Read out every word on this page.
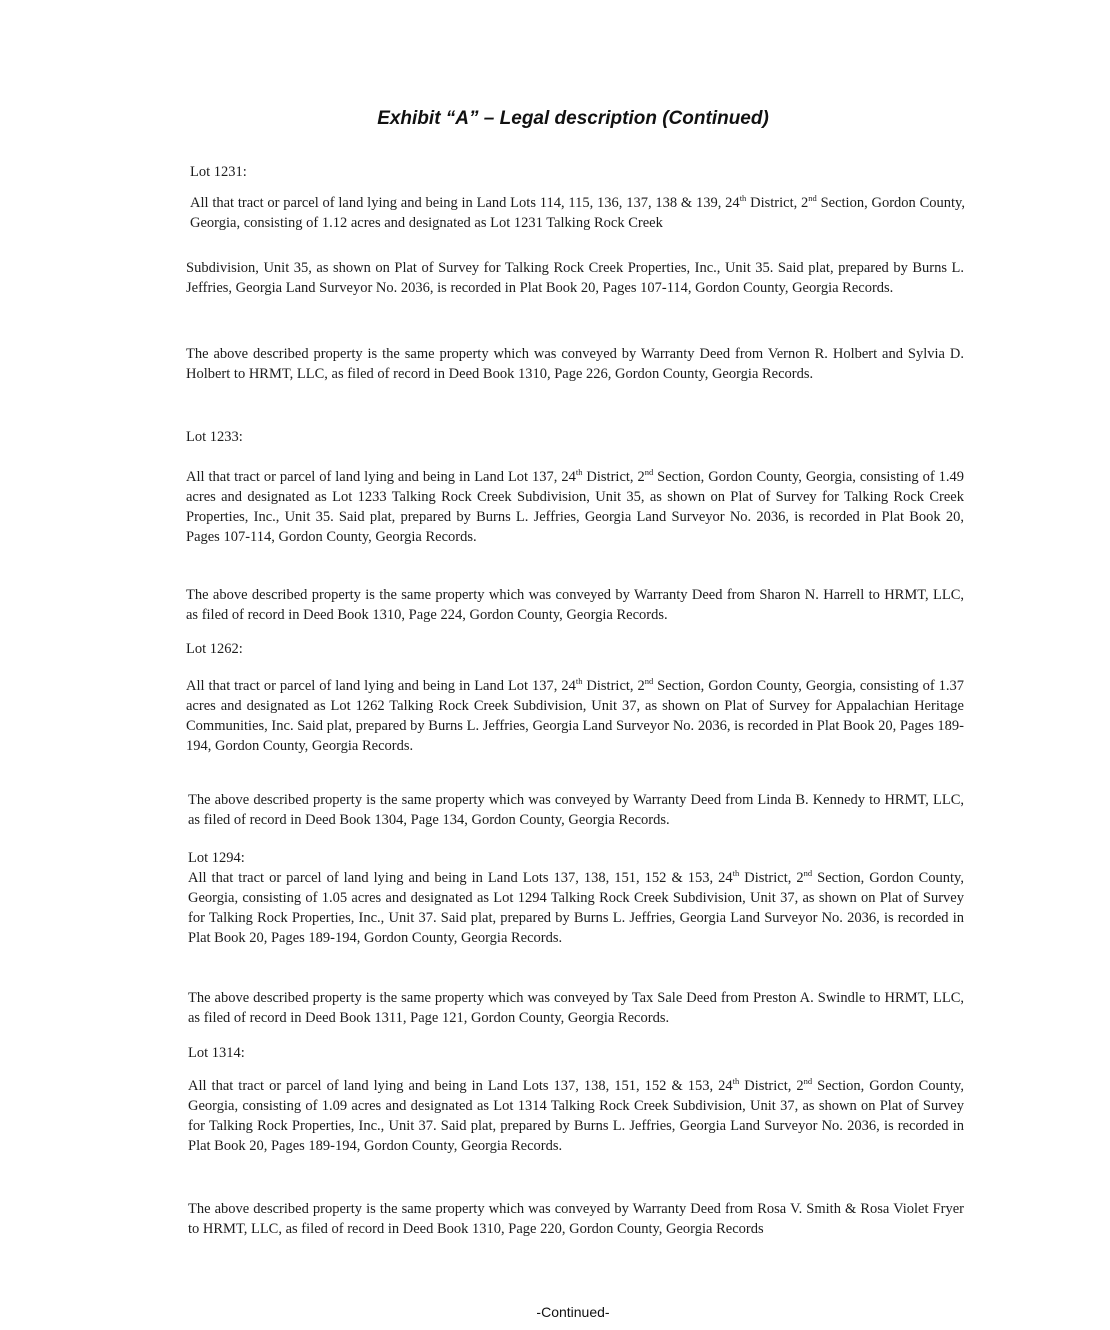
Exhibit “A” – Legal description (Continued)
Lot 1231:
All that tract or parcel of land lying and being in Land Lots 114, 115, 136, 137, 138 & 139, 24th District, 2nd Section, Gordon County, Georgia, consisting of 1.12 acres and designated as Lot 1231 Talking Rock Creek
Subdivision, Unit 35, as shown on Plat of Survey for Talking Rock Creek Properties, Inc., Unit 35. Said plat, prepared by Burns L. Jeffries, Georgia Land Surveyor No. 2036, is recorded in Plat Book 20, Pages 107-114, Gordon County, Georgia Records.
The above described property is the same property which was conveyed by Warranty Deed from Vernon R. Holbert and Sylvia D. Holbert to HRMT, LLC, as filed of record in Deed Book 1310, Page 226, Gordon County, Georgia Records.
Lot 1233:
All that tract or parcel of land lying and being in Land Lot 137, 24th District, 2nd Section, Gordon County, Georgia, consisting of 1.49 acres and designated as Lot 1233 Talking Rock Creek Subdivision, Unit 35, as shown on Plat of Survey for Talking Rock Creek Properties, Inc., Unit 35. Said plat, prepared by Burns L. Jeffries, Georgia Land Surveyor No. 2036, is recorded in Plat Book 20, Pages 107-114, Gordon County, Georgia Records.
The above described property is the same property which was conveyed by Warranty Deed from Sharon N. Harrell to HRMT, LLC, as filed of record in Deed Book 1310, Page 224, Gordon County, Georgia Records.
Lot 1262:
All that tract or parcel of land lying and being in Land Lot 137, 24th District, 2nd Section, Gordon County, Georgia, consisting of 1.37 acres and designated as Lot 1262 Talking Rock Creek Subdivision, Unit 37, as shown on Plat of Survey for Appalachian Heritage Communities, Inc. Said plat, prepared by Burns L. Jeffries, Georgia Land Surveyor No. 2036, is recorded in Plat Book 20, Pages 189-194, Gordon County, Georgia Records.
The above described property is the same property which was conveyed by Warranty Deed from Linda B. Kennedy to HRMT, LLC, as filed of record in Deed Book 1304, Page 134, Gordon County, Georgia Records.
Lot 1294:
All that tract or parcel of land lying and being in Land Lots 137, 138, 151, 152 & 153, 24th District, 2nd Section, Gordon County, Georgia, consisting of 1.05 acres and designated as Lot 1294 Talking Rock Creek Subdivision, Unit 37, as shown on Plat of Survey for Talking Rock Properties, Inc., Unit 37. Said plat, prepared by Burns L. Jeffries, Georgia Land Surveyor No. 2036, is recorded in Plat Book 20, Pages 189-194, Gordon County, Georgia Records.
The above described property is the same property which was conveyed by Tax Sale Deed from Preston A. Swindle to HRMT, LLC, as filed of record in Deed Book 1311, Page 121, Gordon County, Georgia Records.
Lot 1314:
All that tract or parcel of land lying and being in Land Lots 137, 138, 151, 152 & 153, 24th District, 2nd Section, Gordon County, Georgia, consisting of 1.09 acres and designated as Lot 1314 Talking Rock Creek Subdivision, Unit 37, as shown on Plat of Survey for Talking Rock Properties, Inc., Unit 37. Said plat, prepared by Burns L. Jeffries, Georgia Land Surveyor No. 2036, is recorded in Plat Book 20, Pages 189-194, Gordon County, Georgia Records.
The above described property is the same property which was conveyed by Warranty Deed from Rosa V. Smith & Rosa Violet Fryer to HRMT, LLC, as filed of record in Deed Book 1310, Page 220, Gordon County, Georgia Records
-Continued-
